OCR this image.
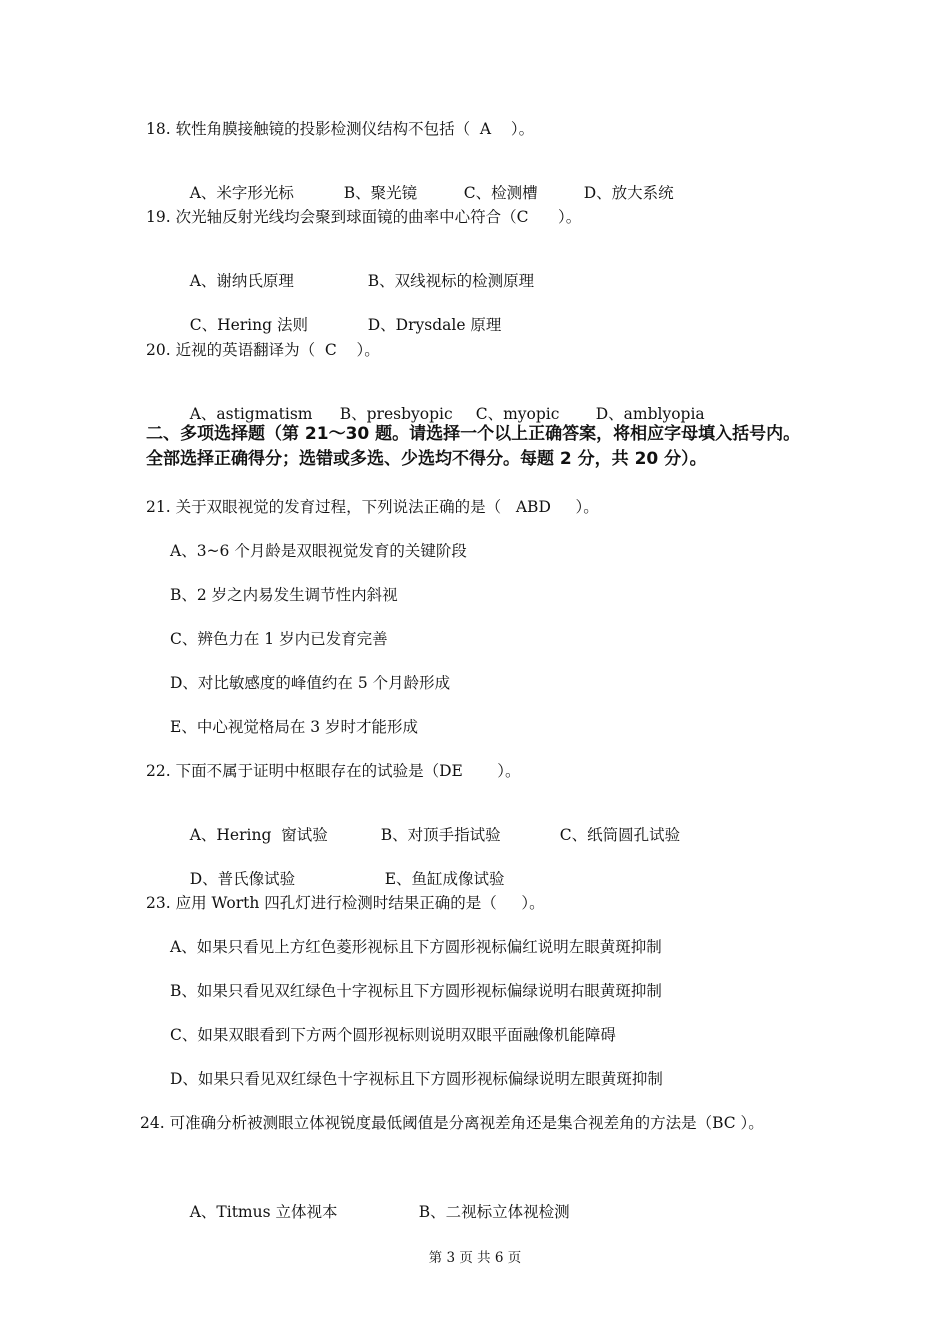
18. 软性角膜接触镜的投影检测仪结构不包括（  A    ）。

A、米字形光标	B、聚光镜	C、检测槽	D、放大系统

19. 次光轴反射光线均会聚到球面镜的曲率中心符合（C      ）。

A、谢纳氏原理	B、双线视标的检测原理

C、Hering 法则	D、Drysdale 原理

20. 近视的英语翻译为（  C    ）。

A、astigmatism B、presbyopic C、myopic D、amblyopia

二、多项选择题（第 21～30 题。请选择一个以上正确答案，将相应字母填入括号内。全部选择正确得分；选错或多选、少选均不得分。每题 2 分，共 20 分）。
21. 关于双眼视觉的发育过程，下列说法正确的是（   ABD     ）。
A、3~6 个月龄是双眼视觉发育的关键阶段
B、2 岁之内易发生调节性内斜视
C、辨色力在 1 岁内已发育完善
D、对比敏感度的峰值约在 5 个月龄形成
E、中心视觉格局在 3 岁时才能形成
22. 下面不属于证明中枢眼存在的试验是（DE       ）。

A、Hering  窗试验	B、对顶手指试验	C、纸筒圆孔试验

D、普氏像试验	E、鱼缸成像试验

23. 应用 Worth 四孔灯进行检测时结果正确的是（     ）。
A、如果只看见上方红色菱形视标且下方圆形视标偏红说明左眼黄斑抑制
B、如果只看见双红绿色十字视标且下方圆形视标偏绿说明右眼黄斑抑制
C、如果双眼看到下方两个圆形视标则说明双眼平面融像机能障碍
D、如果只看见双红绿色十字视标且下方圆形视标偏绿说明左眼黄斑抑制
24. 可准确分析被测眼立体视锐度最低阈值是分离视差角还是集合视差角的方法是（BC ）。

A、Titmus 立体视本	B、二视标立体视检测

第 3 页 共 6 页
